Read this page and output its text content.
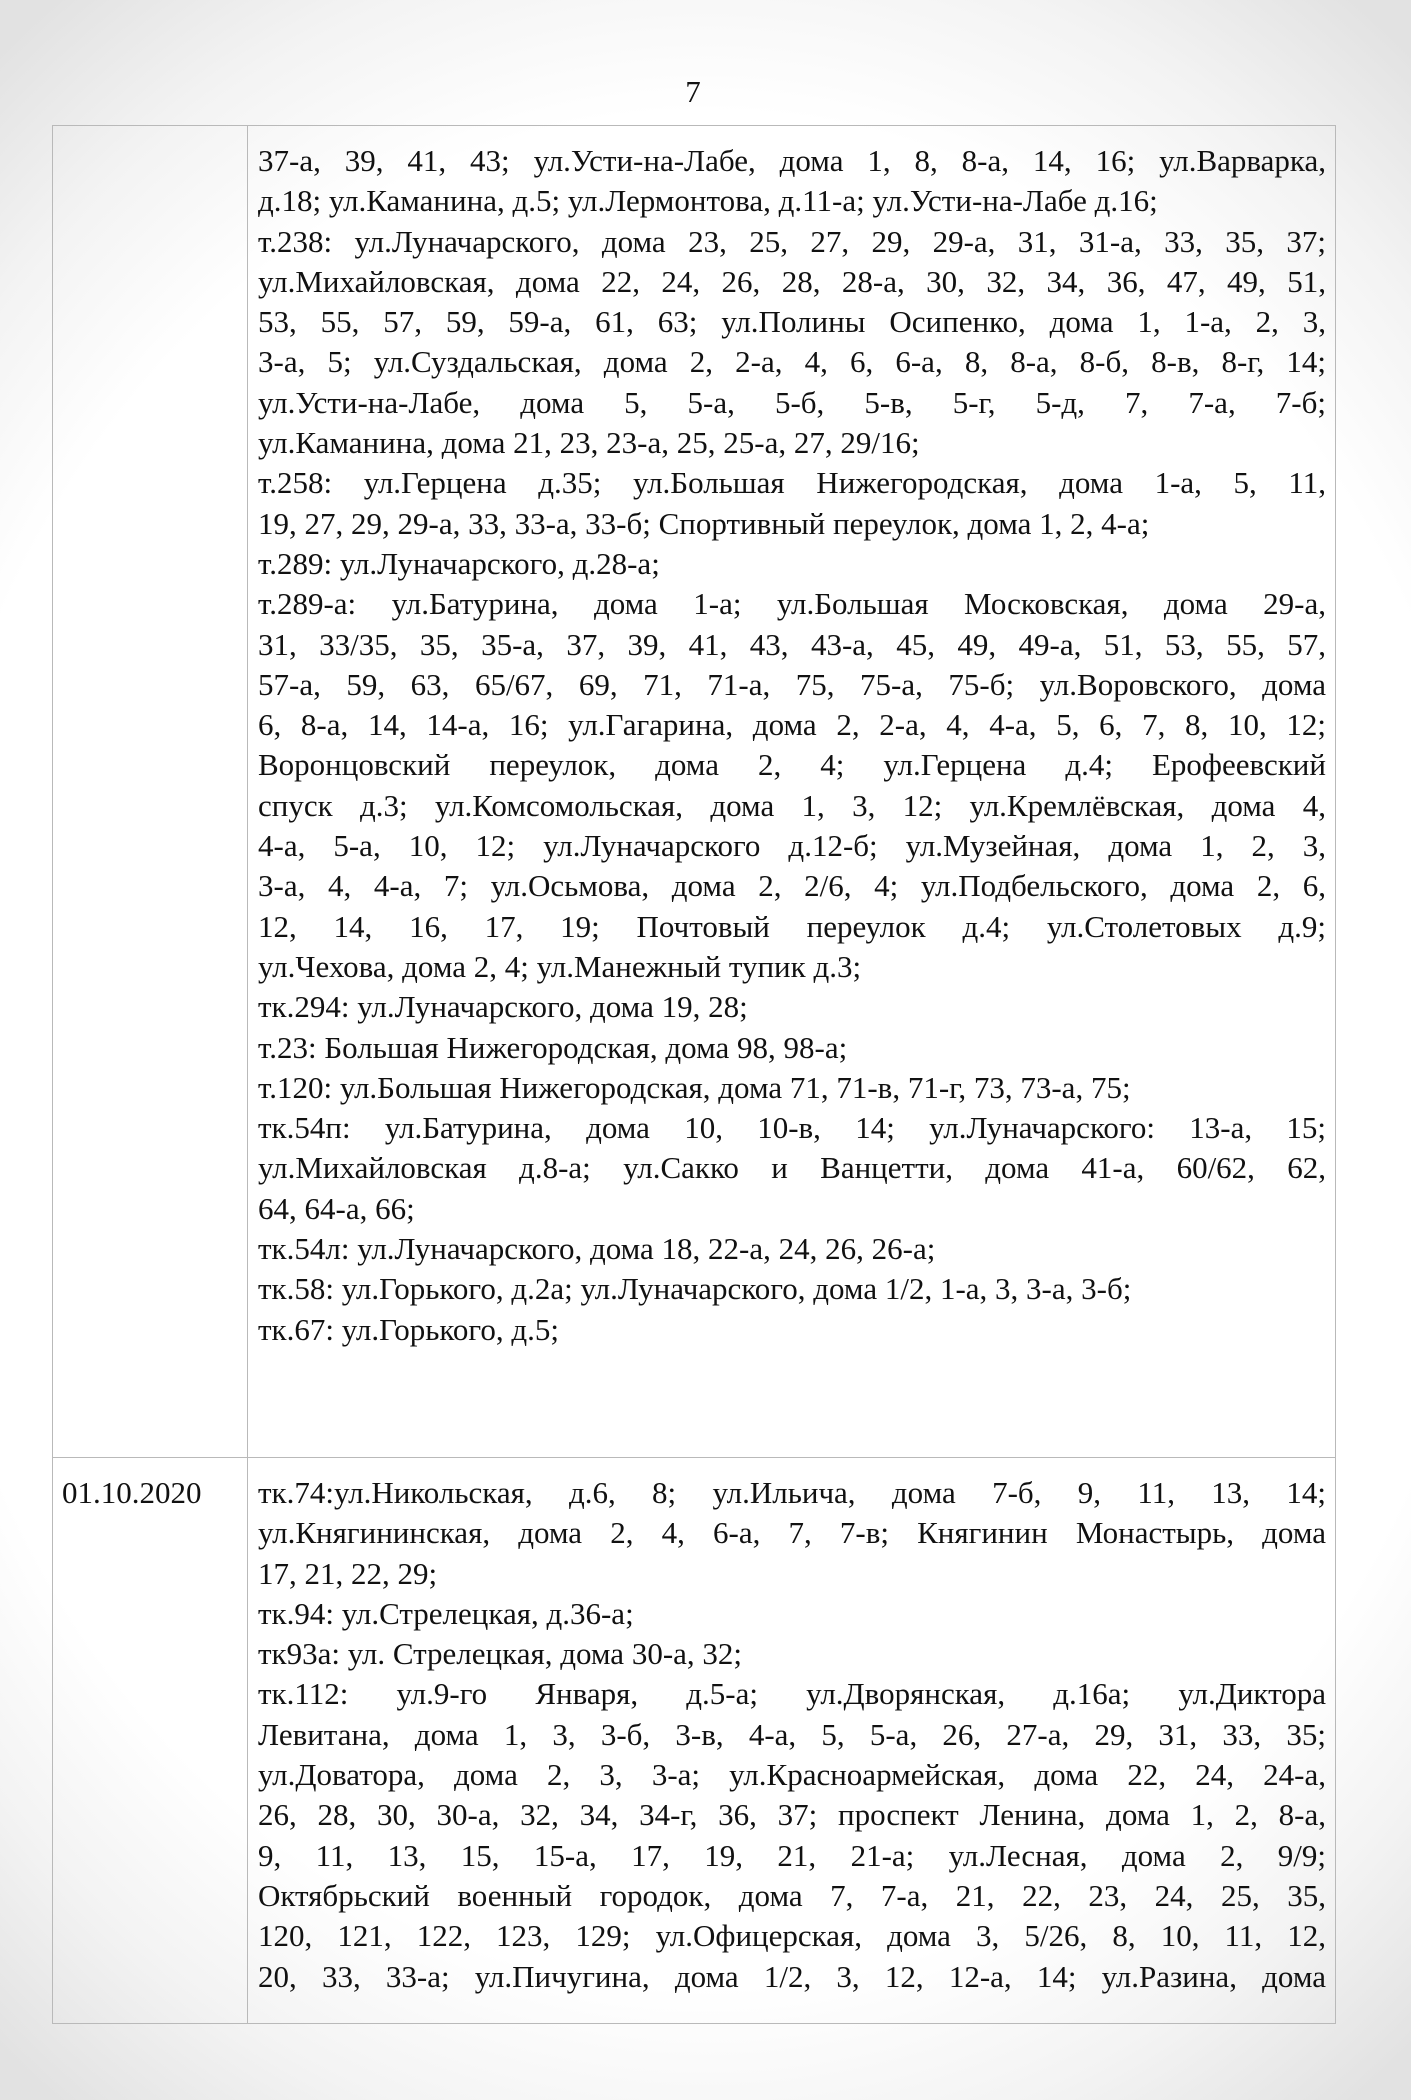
7
37-а, 39, 41, 43; ул.Усти-на-Лабе, дома 1, 8, 8-а, 14, 16; ул.Варварка,
д.18; ул.Каманина, д.5; ул.Лермонтова, д.11-а; ул.Усти-на-Лабе д.16;
т.238: ул.Луначарского, дома 23, 25, 27, 29, 29-а, 31, 31-а, 33, 35, 37;
ул.Михайловская, дома 22, 24, 26, 28, 28-а, 30, 32, 34, 36, 47, 49, 51,
53, 55, 57, 59, 59-а, 61, 63; ул.Полины Осипенко, дома 1, 1-а, 2, 3,
3-а, 5; ул.Суздальская, дома 2, 2-а, 4, 6, 6-а, 8, 8-а, 8-б, 8-в, 8-г, 14;
ул.Усти-на-Лабе, дома 5, 5-а, 5-б, 5-в, 5-г, 5-д, 7, 7-а, 7-б;
ул.Каманина, дома 21, 23, 23-а, 25, 25-а, 27, 29/16;
т.258: ул.Герцена д.35; ул.Большая Нижегородская, дома 1-а, 5, 11,
19, 27, 29, 29-а, 33, 33-а, 33-б; Спортивный переулок, дома 1, 2, 4-а;
т.289: ул.Луначарского, д.28-а;
т.289-а: ул.Батурина, дома 1-а; ул.Большая Московская, дома 29-а,
31, 33/35, 35, 35-а, 37, 39, 41, 43, 43-а, 45, 49, 49-а, 51, 53, 55, 57,
57-а, 59, 63, 65/67, 69, 71, 71-а, 75, 75-а, 75-б; ул.Воровского, дома
6, 8-а, 14, 14-а, 16; ул.Гагарина, дома 2, 2-а, 4, 4-а, 5, 6, 7, 8, 10, 12;
Воронцовский переулок, дома 2, 4; ул.Герцена д.4; Ерофеевский
спуск д.3; ул.Комсомольская, дома 1, 3, 12; ул.Кремлёвская, дома 4,
4-а, 5-а, 10, 12; ул.Луначарского д.12-б; ул.Музейная, дома 1, 2, 3,
3-а, 4, 4-а, 7; ул.Осьмова, дома 2, 2/6, 4; ул.Подбельского, дома 2, 6,
12, 14, 16, 17, 19; Почтовый переулок д.4; ул.Столетовых д.9;
ул.Чехова, дома 2, 4; ул.Манежный тупик д.3;
тк.294: ул.Луначарского, дома 19, 28;
т.23: Большая Нижегородская, дома 98, 98-а;
т.120: ул.Большая Нижегородская, дома 71, 71-в, 71-г, 73, 73-а, 75;
тк.54п: ул.Батурина, дома 10, 10-в, 14; ул.Луначарского: 13-а, 15;
ул.Михайловская д.8-а; ул.Сакко и Ванцетти, дома 41-а, 60/62, 62,
64, 64-а, 66;
тк.54л: ул.Луначарского, дома 18, 22-а, 24, 26, 26-а;
тк.58: ул.Горького, д.2а; ул.Луначарского, дома 1/2, 1-а, 3, 3-а, 3-б;
тк.67: ул.Горького, д.5;
01.10.2020	тк.74:ул.Никольская, д.6, 8; ул.Ильича, дома 7-б, 9, 11, 13, 14;
ул.Княгининская, дома 2, 4, 6-а, 7, 7-в; Княгинин Монастырь, дома
17, 21, 22, 29;
тк.94: ул.Стрелецкая, д.36-а;
тк93а: ул. Стрелецкая, дома 30-а, 32;
тк.112: ул.9-го Января, д.5-а; ул.Дворянская, д.16а; ул.Диктора
Левитана, дома 1, 3, 3-б, 3-в, 4-а, 5, 5-а, 26, 27-а, 29, 31, 33, 35;
ул.Доватора, дома 2, 3, 3-а; ул.Красноармейская, дома 22, 24, 24-а,
26, 28, 30, 30-а, 32, 34, 34-г, 36, 37; проспект Ленина, дома 1, 2, 8-а,
9, 11, 13, 15, 15-а, 17, 19, 21, 21-а; ул.Лесная, дома 2, 9/9;
Октябрьский военный городок, дома 7, 7-а, 21, 22, 23, 24, 25, 35,
120, 121, 122, 123, 129; ул.Офицерская, дома 3, 5/26, 8, 10, 11, 12,
20, 33, 33-а; ул.Пичугина, дома 1/2, 3, 12, 12-а, 14; ул.Разина, дома
